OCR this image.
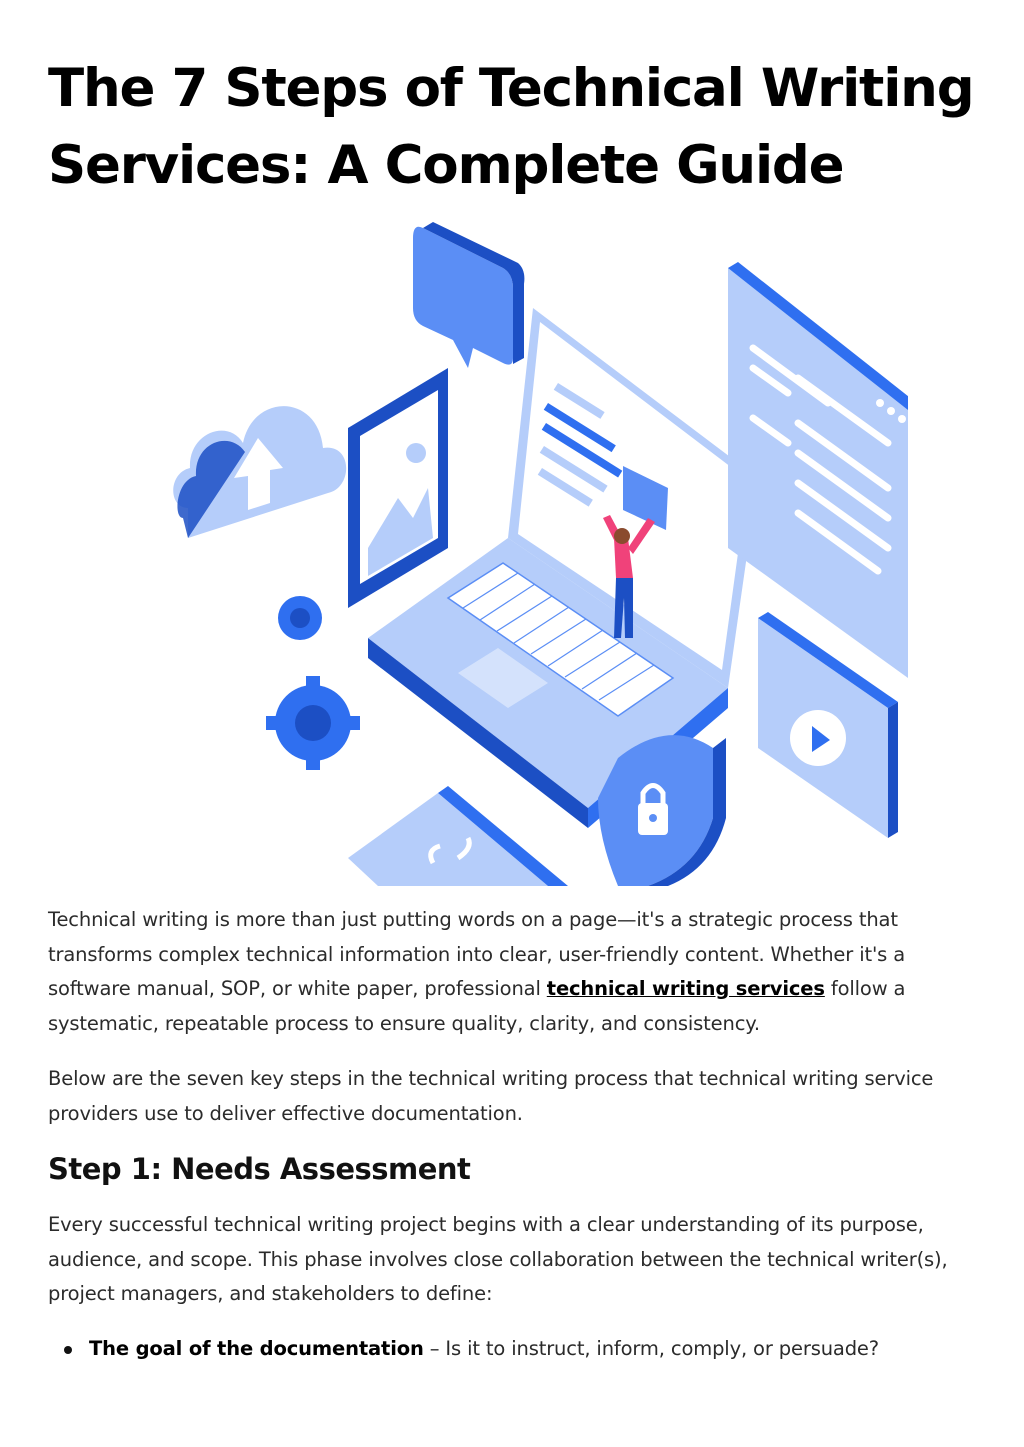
The 7 Steps of Technical Writing Services: A Complete Guide

Technical writing is more than just putting words on a page—it's a strategic process that transforms complex technical information into clear, user-friendly content. Whether it's a software manual, SOP, or white paper, professional technical writing services follow a systematic, repeatable process to ensure quality, clarity, and consistency.

Below are the seven key steps in the technical writing process that technical writing service providers use to deliver effective documentation.

Step 1: Needs Assessment

Every successful technical writing project begins with a clear understanding of its purpose, audience, and scope. This phase involves close collaboration between the technical writer(s), project managers, and stakeholders to define:

The goal of the documentation – Is it to instruct, inform, comply, or persuade?
